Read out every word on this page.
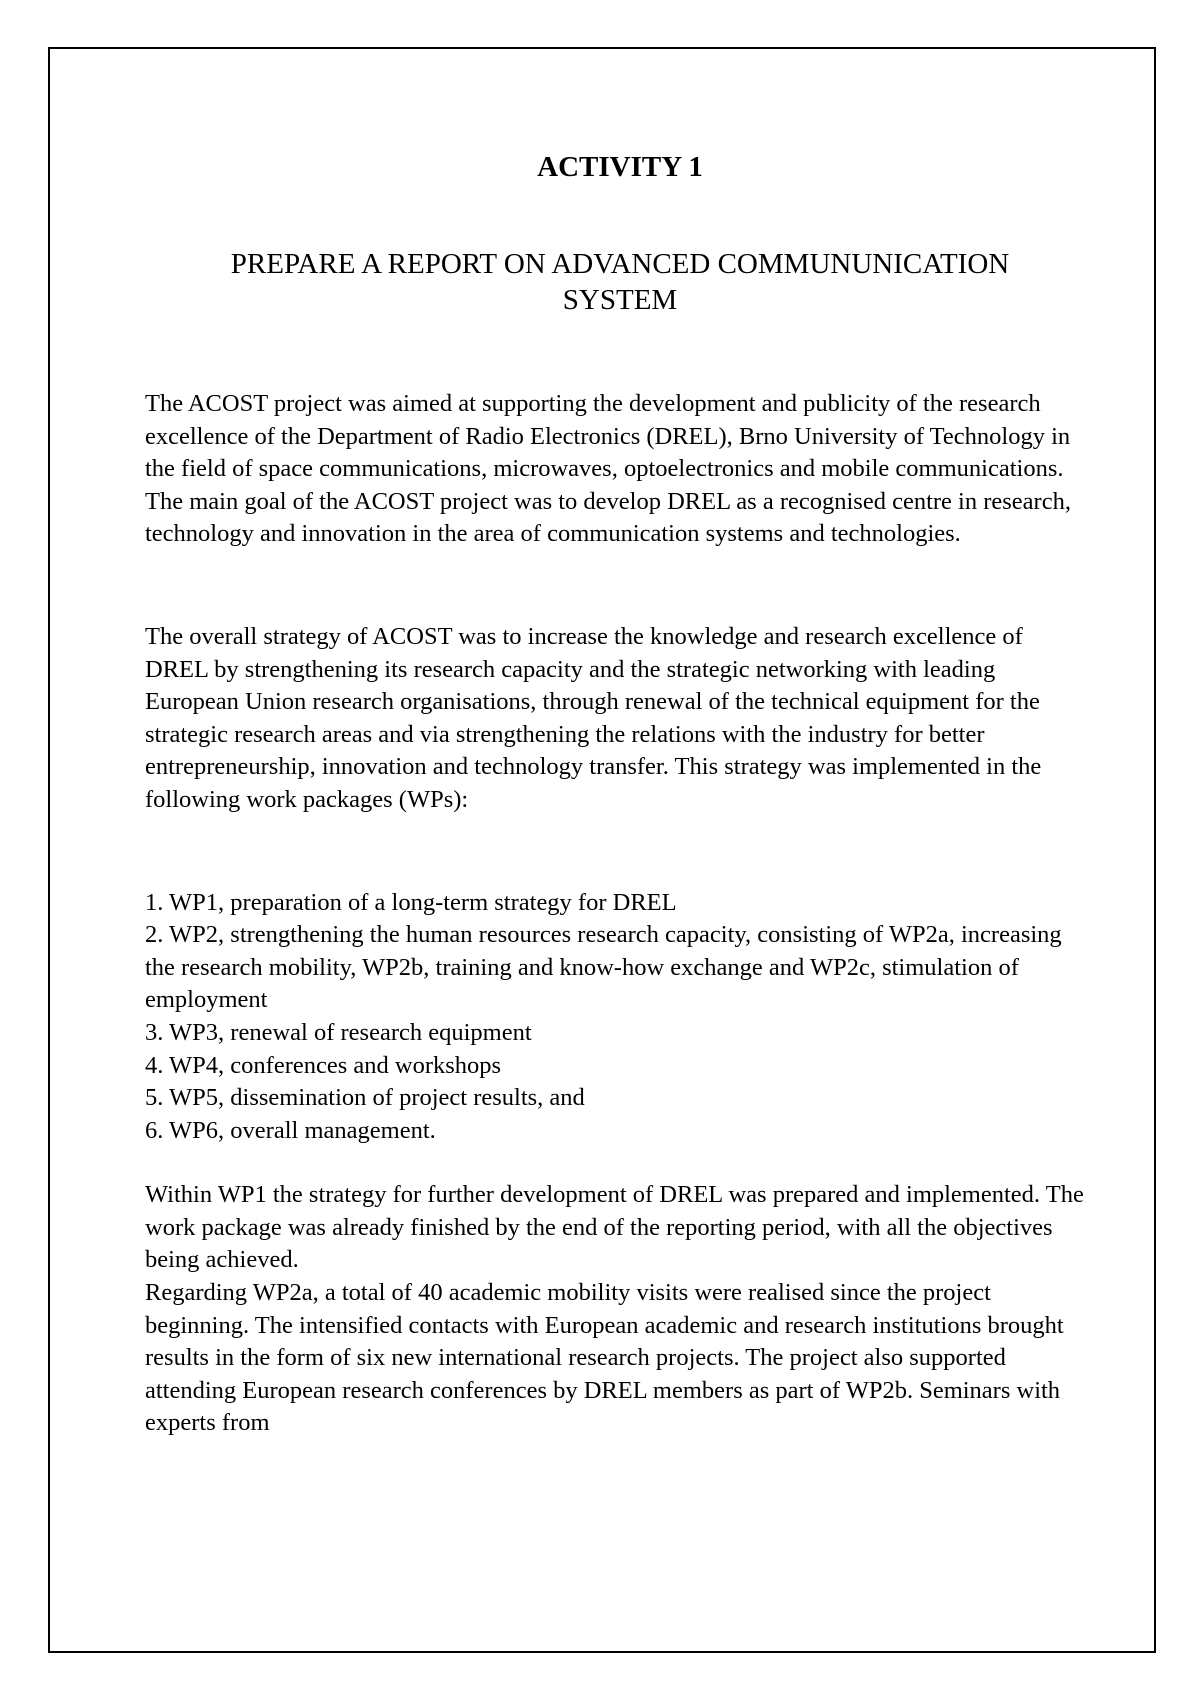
ACTIVITY 1
PREPARE A REPORT ON ADVANCED COMMUNUNICATION
SYSTEM

The ACOST project was aimed at supporting the development and publicity of the research excellence of the Department of Radio Electronics (DREL), Brno University of Technology in the field of space communications, microwaves, optoelectronics and mobile communications. The main goal of the ACOST project was to develop DREL as a recognised centre in research, technology and innovation in the area of communication systems and technologies.

The overall strategy of ACOST was to increase the knowledge and research excellence of DREL by strengthening its research capacity and the strategic networking with leading European Union research organisations, through renewal of the technical equipment for the strategic research areas and via strengthening the relations with the industry for better entrepreneurship, innovation and technology transfer. This strategy was implemented in the following work packages (WPs):

1. WP1, preparation of a long-term strategy for DREL
2. WP2, strengthening the human resources research capacity, consisting of WP2a, increasing the research mobility, WP2b, training and know-how exchange and WP2c, stimulation of employment
3. WP3, renewal of research equipment
4. WP4, conferences and workshops
5. WP5, dissemination of project results, and
6. WP6, overall management.

Within WP1 the strategy for further development of DREL was prepared and implemented. The work package was already finished by the end of the reporting period, with all the objectives being achieved.

Regarding WP2a, a total of 40 academic mobility visits were realised since the project beginning. The intensified contacts with European academic and research institutions brought results in the form of six new international research projects. The project also supported attending European research conferences by DREL members as part of WP2b. Seminars with experts from
